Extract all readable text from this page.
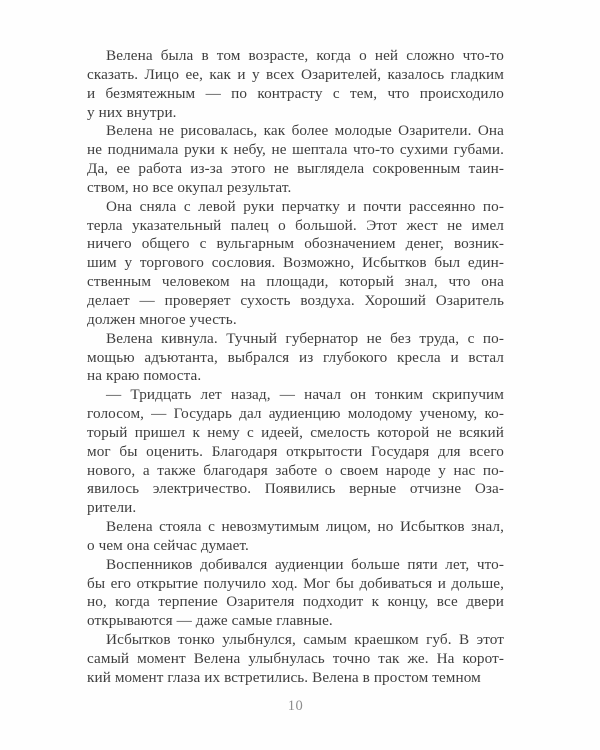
Велена была в том возрасте, когда о ней сложно что-то
сказать. Лицо ее, как и у всех Озарителей, казалось гладким
и безмятежным — по контрасту с тем, что происходило
у них внутри.
Велена не рисовалась, как более молодые Озарители. Она
не поднимала руки к небу, не шептала что-то сухими губами.
Да, ее работа из-за этого не выглядела сокровенным таин-
ством, но все окупал результат.
Она сняла с левой руки перчатку и почти рассеянно по-
терла указательный палец о большой. Этот жест не имел
ничего общего с вульгарным обозначением денег, возник-
шим у торгового сословия. Возможно, Исбытков был един-
ственным человеком на площади, который знал, что она
делает — проверяет сухость воздуха. Хороший Озаритель
должен многое учесть.
Велена кивнула. Тучный губернатор не без труда, с по-
мощью адъютанта, выбрался из глубокого кресла и встал
на краю помоста.
— Тридцать лет назад, — начал он тонким скрипучим
голосом, — Государь дал аудиенцию молодому ученому, ко-
торый пришел к нему с идеей, смелость которой не всякий
мог бы оценить. Благодаря открытости Государя для всего
нового, а также благодаря заботе о своем народе у нас по-
явилось электричество. Появились верные отчизне Оза-
рители.
Велена стояла с невозмутимым лицом, но Исбытков знал,
о чем она сейчас думает.
Воспенников добивался аудиенции больше пяти лет, что-
бы его открытие получило ход. Мог бы добиваться и дольше,
но, когда терпение Озарителя подходит к концу, все двери
открываются — даже самые главные.
Исбытков тонко улыбнулся, самым краешком губ. В этот
самый момент Велена улыбнулась точно так же. На корот-
кий момент глаза их встретились. Велена в простом темном
10
